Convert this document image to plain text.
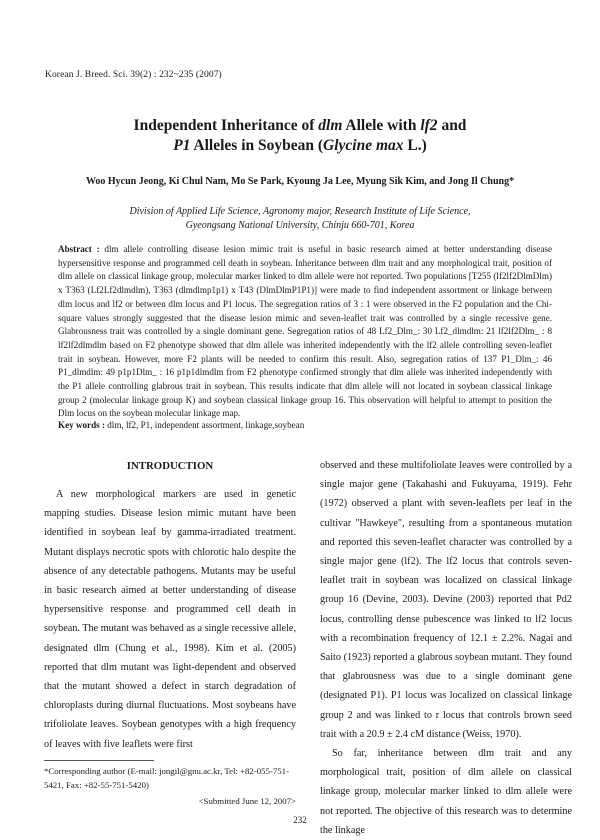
Korean J. Breed. Sci. 39(2) : 232~235 (2007)
Independent Inheritance of dlm Allele with lf2 and
P1 Alleles in Soybean (Glycine max L.)
Woo Hycun Jeong, Ki Chul Nam, Mo Se Park, Kyoung Ja Lee, Myung Sik Kim, and Jong Il Chung*
Division of Applied Life Science, Agronomy major, Research Institute of Life Science,
Gyeongsang National University, Chinju 660-701, Korea
Abstract : dlm allele controlling disease lesion mimic trait is useful in basic research aimed at better understanding disease hypersensitive response and programmed cell death in soybean. Inheritance between dlm trait and any morphological trait, position of dlm allele on classical linkage group, molecular marker linked to dlm allele were not reported. Two populations [T255 (lf2lf2DlmDlm) x T363 (Lf2Lf2dlmdlm), T363 (dlmdlmp1p1) x T43 (DlmDlmP1P1)] were made to find independent assortment or linkage between dlm locus and lf2 or between dlm locus and P1 locus. The segregation ratios of 3 : 1 were observed in the F2 population and the Chi-square values strongly suggested that the disease lesion mimic and seven-leaflet trait was controlled by a single recessive gene. Glabrousness trait was controlled by a single dominant gene. Segregation ratios of 48 Lf2_Dlm_: 30 Lf2_dlmdlm: 21 lf2lf2Dlm_ : 8 lf2lf2dlmdlm based on F2 phenotype showed that dlm allele was inherited independently with the lf2 allele controlling seven-leaflet trait in soybean. However, more F2 plants will be needed to confirm this result. Also, segregation ratios of 137 P1_Dlm_: 46 P1_dlmdlm: 49 p1p1Dlm_ : 16 p1p1dlmdlm from F2 phenotype confirmed strongly that dlm allele was inherited independently with the P1 allele controlling glabrous trait in soybean. This results indicate that dlm allele will not located in soybean classical linkage group 2 (molecular linkage group K) and soybean classical linkage group 16. This observation will helpful to attempt to position the Dlm locus on the soybean molecular linkage map.
Key words : dlm, lf2, P1, independent assortment, linkage,soybean
INTRODUCTION

A new morphological markers are used in genetic mapping studies. Disease lesion mimic mutant have been identified in soybean leaf by gamma-irradiated treatment. Mutant displays necrotic spots with chlorotic halo despite the absence of any detectable pathogens. Mutants may be useful in basic research aimed at better understanding of disease hypersensitive response and programmed cell death in soybean. The mutant was behaved as a single recessive allele, designated dlm (Chung et al., 1998). Kim et al. (2005) reported that dlm mutant was light-dependent and observed that the mutant showed a defect in starch degradation of chloroplasts during diurnal fluctuations. Most soybeans have trifoliolate leaves. Soybean genotypes with a high frequency of leaves with five leaflets were first

observed and these multifoliolate leaves were controlled by a single major gene (Takahashi and Fukuyama, 1919). Fehr (1972) observed a plant with seven-leaflets per leaf in the cultivar "Hawkeye", resulting from a spontaneous mutation and reported this seven-leaflet character was controlled by a single major gene (lf2). The lf2 locus that controls seven-leaflet trait in soybean was localized on classical linkage group 16 (Devine, 2003). Devine (2003) reported that Pd2 locus, controlling dense pubescence was linked to lf2 locus with a recombination frequency of 12.1 ± 2.2%. Nagai and Saito (1923) reported a glabrous soybean mutant. They found that glabrousness was due to a single dominant gene (designated P1). P1 locus was localized on classical linkage group 2 and was linked to r locus that controls brown seed trait with a 20.9 ± 2.4 cM distance (Weiss, 1970).

So far, inheritance between dlm trait and any morphological trait, position of dlm allele on classical linkage group, molecular marker linked to dlm allele were not reported. The objective of this research was to determine the linkage

*Corresponding author (E-mail: jongil@gnu.ac.kr, Tel: +82-055-751-5421, Fax: +82-55-751-5420)
<Submitted June 12, 2007>
232
